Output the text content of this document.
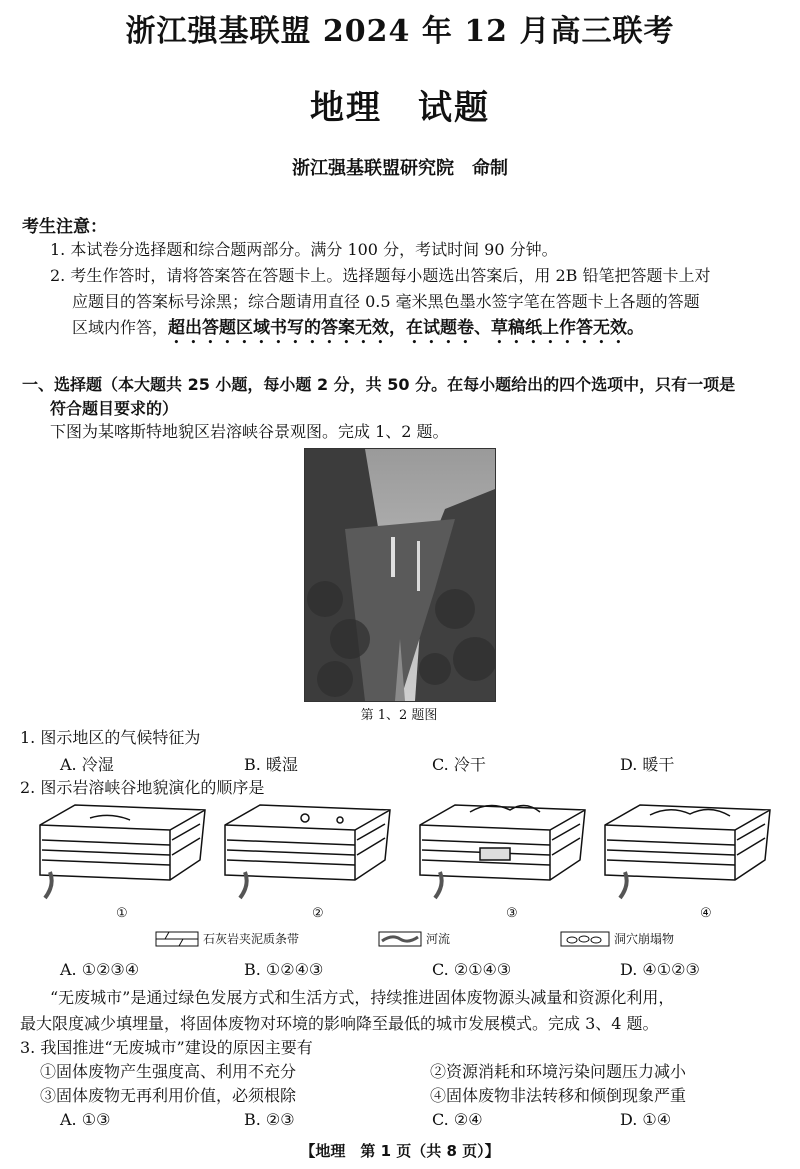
浙江强基联盟 2024 年 12 月高三联考
地理　试题
浙江强基联盟研究院　命制
考生注意：
1. 本试卷分选择题和综合题两部分。满分 100 分，考试时间 90 分钟。
2. 考生作答时，请将答案答在答题卡上。选择题每小题选出答案后，用 2B 铅笔把答题卡上对
应题目的答案标号涂黑；综合题请用直径 0.5 毫米黑色墨水签字笔在答题卡上各题的答题
区域内作答，超出答题区域书写的答案无效，在试题卷、草稿纸上作答无效。
一、选择题（本大题共 25 小题，每小题 2 分，共 50 分。在每小题给出的四个选项中，只有一项是
符合题目要求的）
下图为某喀斯特地貌区岩溶峡谷景观图。完成 1、2 题。
第 1、2 题图
1. 图示地区的气候特征为
A. 冷湿	B. 暖湿	C. 冷干	D. 暖干
2. 图示岩溶峡谷地貌演化的顺序是
①	②	③	④
石灰岩夹泥质条带	河流	洞穴崩塌物
A. ①②③④	B. ①②④③	C. ②①④③	D. ④①②③
“无废城市”是通过绿色发展方式和生活方式，持续推进固体废物源头减量和资源化利用，
最大限度减少填埋量，将固体废物对环境的影响降至最低的城市发展模式。完成 3、4 题。
3. 我国推进“无废城市”建设的原因主要有
①固体废物产生强度高、利用不充分	②资源消耗和环境污染问题压力减小
③固体废物无再利用价值，必须根除	④固体废物非法转移和倾倒现象严重
A. ①③	B. ②③	C. ②④	D. ①④
【地理　第 1 页（共 8 页）】
